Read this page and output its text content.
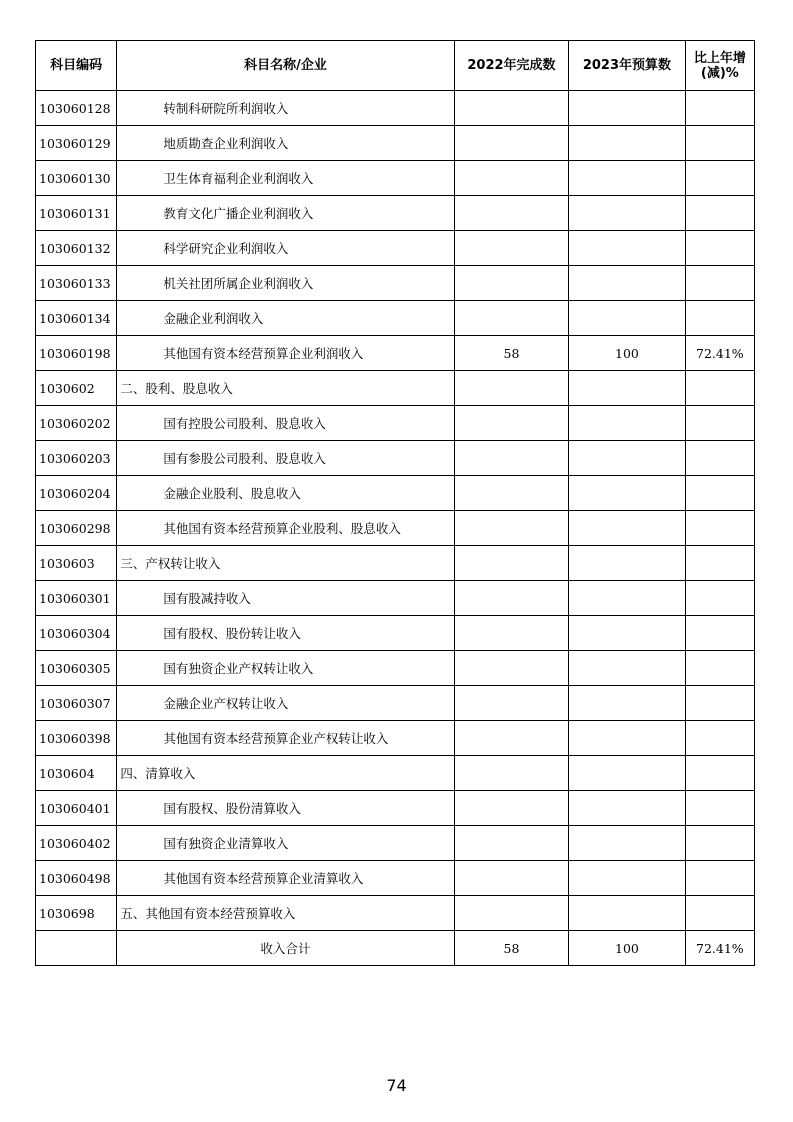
科目编码	科目名称/企业	2022年完成数	2023年预算数	比上年增
(减)%
103060128	转制科研院所利润收入			
103060129	地质勘查企业利润收入			
103060130	卫生体育福利企业利润收入			
103060131	教育文化广播企业利润收入			
103060132	科学研究企业利润收入			
103060133	机关社团所属企业利润收入			
103060134	金融企业利润收入			
103060198	其他国有资本经营预算企业利润收入	58	100	72.41%
1030602	二、股利、股息收入			
103060202	国有控股公司股利、股息收入			
103060203	国有参股公司股利、股息收入			
103060204	金融企业股利、股息收入			
103060298	其他国有资本经营预算企业股利、股息收入			
1030603	三、产权转让收入			
103060301	国有股减持收入			
103060304	国有股权、股份转让收入			
103060305	国有独资企业产权转让收入			
103060307	金融企业产权转让收入			
103060398	其他国有资本经营预算企业产权转让收入			
1030604	四、清算收入			
103060401	国有股权、股份清算收入			
103060402	国有独资企业清算收入			
103060498	其他国有资本经营预算企业清算收入			
1030698	五、其他国有资本经营预算收入			
	收入合计	58	100	72.41%
74
